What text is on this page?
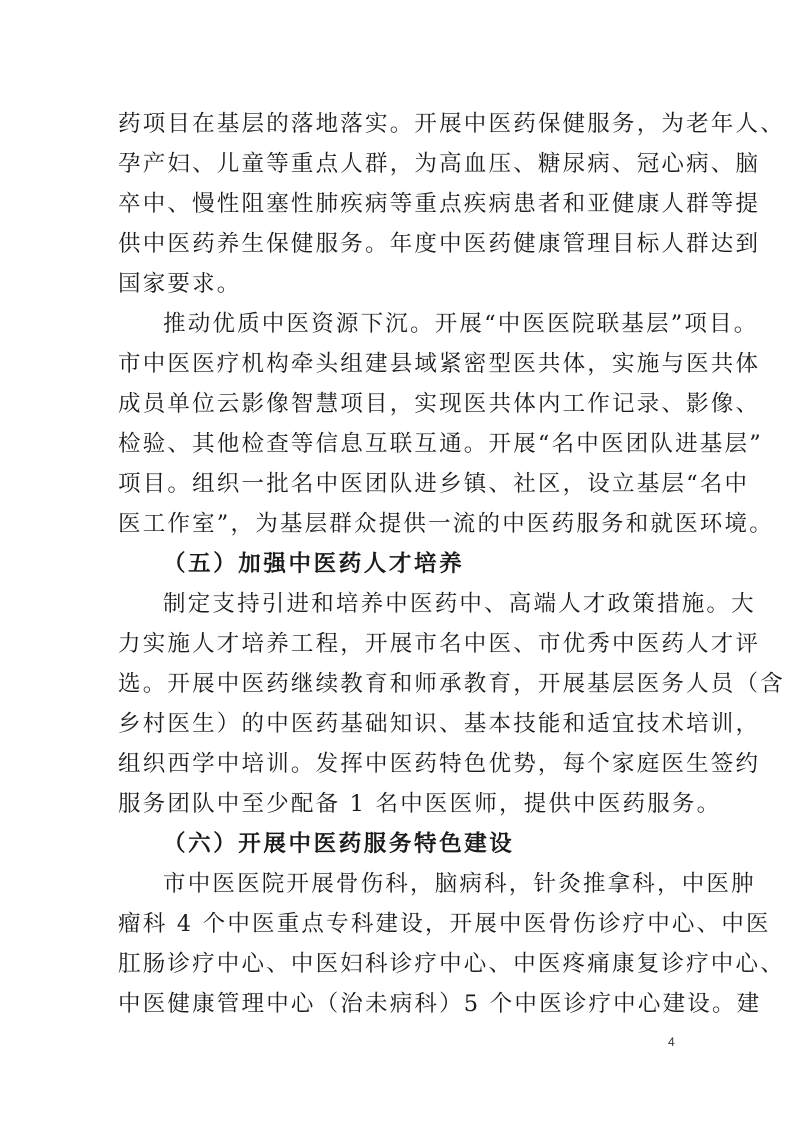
药项目在基层的落地落实。开展中医药保健服务，为老年人、
孕产妇、儿童等重点人群，为高血压、糖尿病、冠心病、脑
卒中、慢性阻塞性肺疾病等重点疾病患者和亚健康人群等提
供中医药养生保健服务。年度中医药健康管理目标人群达到
国家要求。
推动优质中医资源下沉。开展“中医医院联基层”项目。
市中医医疗机构牵头组建县域紧密型医共体，实施与医共体
成员单位云影像智慧项目，实现医共体内工作记录、影像、
检验、其他检查等信息互联互通。开展“名中医团队进基层”
项目。组织一批名中医团队进乡镇、社区，设立基层“名中
医工作室”，为基层群众提供一流的中医药服务和就医环境。
（五）加强中医药人才培养
制定支持引进和培养中医药中、高端人才政策措施。大
力实施人才培养工程，开展市名中医、市优秀中医药人才评
选。开展中医药继续教育和师承教育，开展基层医务人员（含
乡村医生）的中医药基础知识、基本技能和适宜技术培训，
组织西学中培训。发挥中医药特色优势，每个家庭医生签约
服务团队中至少配备 1 名中医医师，提供中医药服务。
（六）开展中医药服务特色建设
市中医医院开展骨伤科，脑病科，针灸推拿科，中医肿
瘤科 4 个中医重点专科建设，开展中医骨伤诊疗中心、中医
肛肠诊疗中心、中医妇科诊疗中心、中医疼痛康复诊疗中心、
中医健康管理中心（治未病科）5 个中医诊疗中心建设。建
4
